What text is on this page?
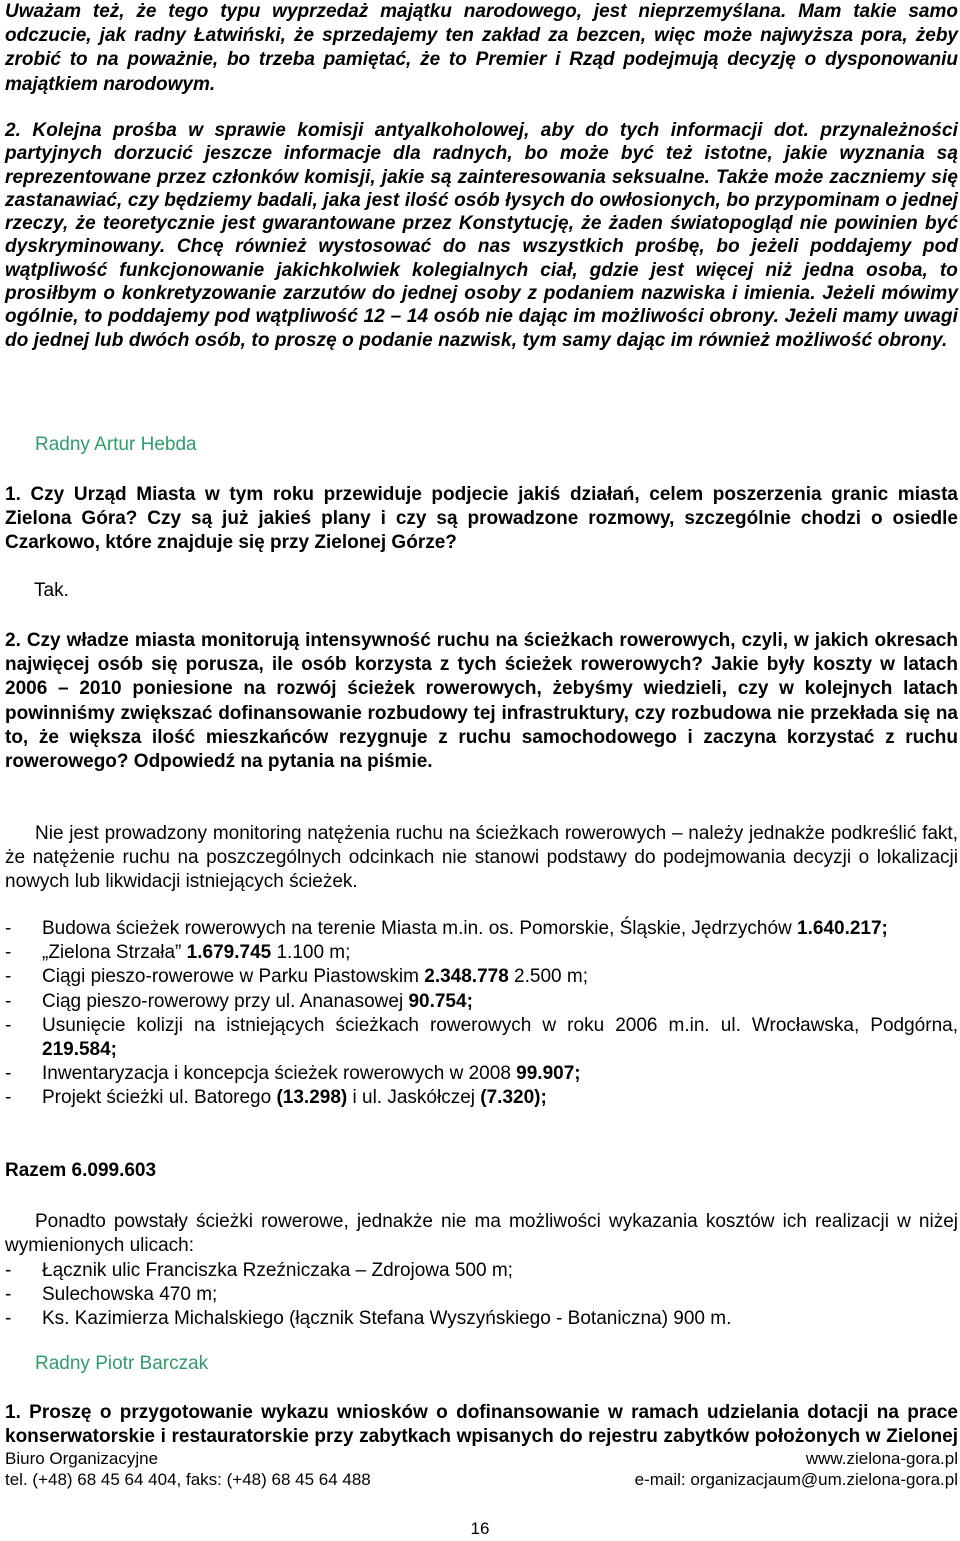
Uważam też, że tego typu wyprzedaż majątku narodowego, jest nieprzemyślana. Mam takie samo odczucie, jak radny Łatwiński, że sprzedajemy ten zakład za bezcen, więc może najwyższa pora, żeby zrobić to na poważnie, bo trzeba pamiętać, że to Premier i Rząd podejmują decyzję o dysponowaniu majątkiem narodowym.

2. Kolejna prośba w sprawie komisji antyalkoholowej, aby do tych informacji dot. przynależności partyjnych dorzucić jeszcze informacje dla radnych, bo może być też istotne, jakie wyznania są reprezentowane przez członków komisji, jakie są zainteresowania seksualne. Także może zaczniemy się zastanawiać, czy będziemy badali, jaka jest ilość osób łysych do owłosionych, bo przypominam o jednej rzeczy, że teoretycznie jest gwarantowane przez Konstytucję, że żaden światopogląd nie powinien być dyskryminowany. Chcę również wystosować do nas wszystkich prośbę, bo jeżeli poddajemy pod wątpliwość funkcjonowanie jakichkolwiek kolegialnych ciał, gdzie jest więcej niż jedna osoba, to prosiłbym o konkretyzowanie zarzutów do jednej osoby z podaniem nazwiska i imienia. Jeżeli mówimy ogólnie, to poddajemy pod wątpliwość 12 – 14 osób nie dając im możliwości obrony. Jeżeli mamy uwagi do jednej lub dwóch osób, to proszę o podanie nazwisk, tym samy dając im również możliwość obrony.

Radny Artur Hebda

1. Czy Urząd Miasta w tym roku przewiduje podjecie jakiś działań, celem poszerzenia granic miasta Zielona Góra? Czy są już jakieś plany i czy są prowadzone rozmowy, szczególnie chodzi o osiedle Czarkowo, które znajduje się przy Zielonej Górze?

Tak.

2. Czy władze miasta monitorują intensywność ruchu na ścieżkach rowerowych, czyli, w jakich okresach najwięcej osób się porusza, ile osób korzysta z tych ścieżek rowerowych? Jakie były koszty w latach 2006 – 2010 poniesione na rozwój ścieżek rowerowych, żebyśmy wiedzieli, czy w kolejnych latach powinniśmy zwiększać dofinansowanie rozbudowy tej infrastruktury, czy rozbudowa nie przekłada się na to, że większa ilość mieszkańców rezygnuje z ruchu samochodowego i zaczyna korzystać z ruchu rowerowego? Odpowiedź na pytania na piśmie.

Nie jest prowadzony monitoring natężenia ruchu na ścieżkach rowerowych – należy jednakże podkreślić fakt, że natężenie ruchu na poszczególnych odcinkach nie stanowi podstawy do podejmowania decyzji o lokalizacji nowych lub likwidacji istniejących ścieżek.

- Budowa ścieżek rowerowych na terenie Miasta m.in. os. Pomorskie, Śląskie, Jędrzychów 1.640.217;
- „Zielona Strzała” 1.679.745 1.100 m;
- Ciągi pieszo-rowerowe w Parku Piastowskim 2.348.778 2.500 m;
- Ciąg pieszo-rowerowy przy ul. Ananasowej 90.754;
- Usunięcie kolizji na istniejących ścieżkach rowerowych w roku 2006 m.in. ul. Wrocławska, Podgórna, 219.584;
- Inwentaryzacja i koncepcja ścieżek rowerowych w 2008 99.907;
- Projekt ścieżki ul. Batorego (13.298) i ul. Jaskółczej (7.320);

Razem 6.099.603

Ponadto powstały ścieżki rowerowe, jednakże nie ma możliwości wykazania kosztów ich realizacji w niżej wymienionych ulicach:

- Łącznik ulic Franciszka Rzeźniczaka – Zdrojowa 500 m;
- Sulechowska 470 m;
- Ks. Kazimierza Michalskiego (łącznik Stefana Wyszyńskiego - Botaniczna) 900 m.

Radny Piotr Barczak

1. Proszę o przygotowanie wykazu wniosków o dofinansowanie w ramach udzielania dotacji na prace konserwatorskie i restauratorskie przy zabytkach wpisanych do rejestru zabytków położonych w Zielonej

Biuro Organizacyjne	www.zielona-gora.pl
tel. (+48) 68 45 64 404, faks: (+48) 68 45 64 488	e-mail: organizacjaum@um.zielona-gora.pl
16
